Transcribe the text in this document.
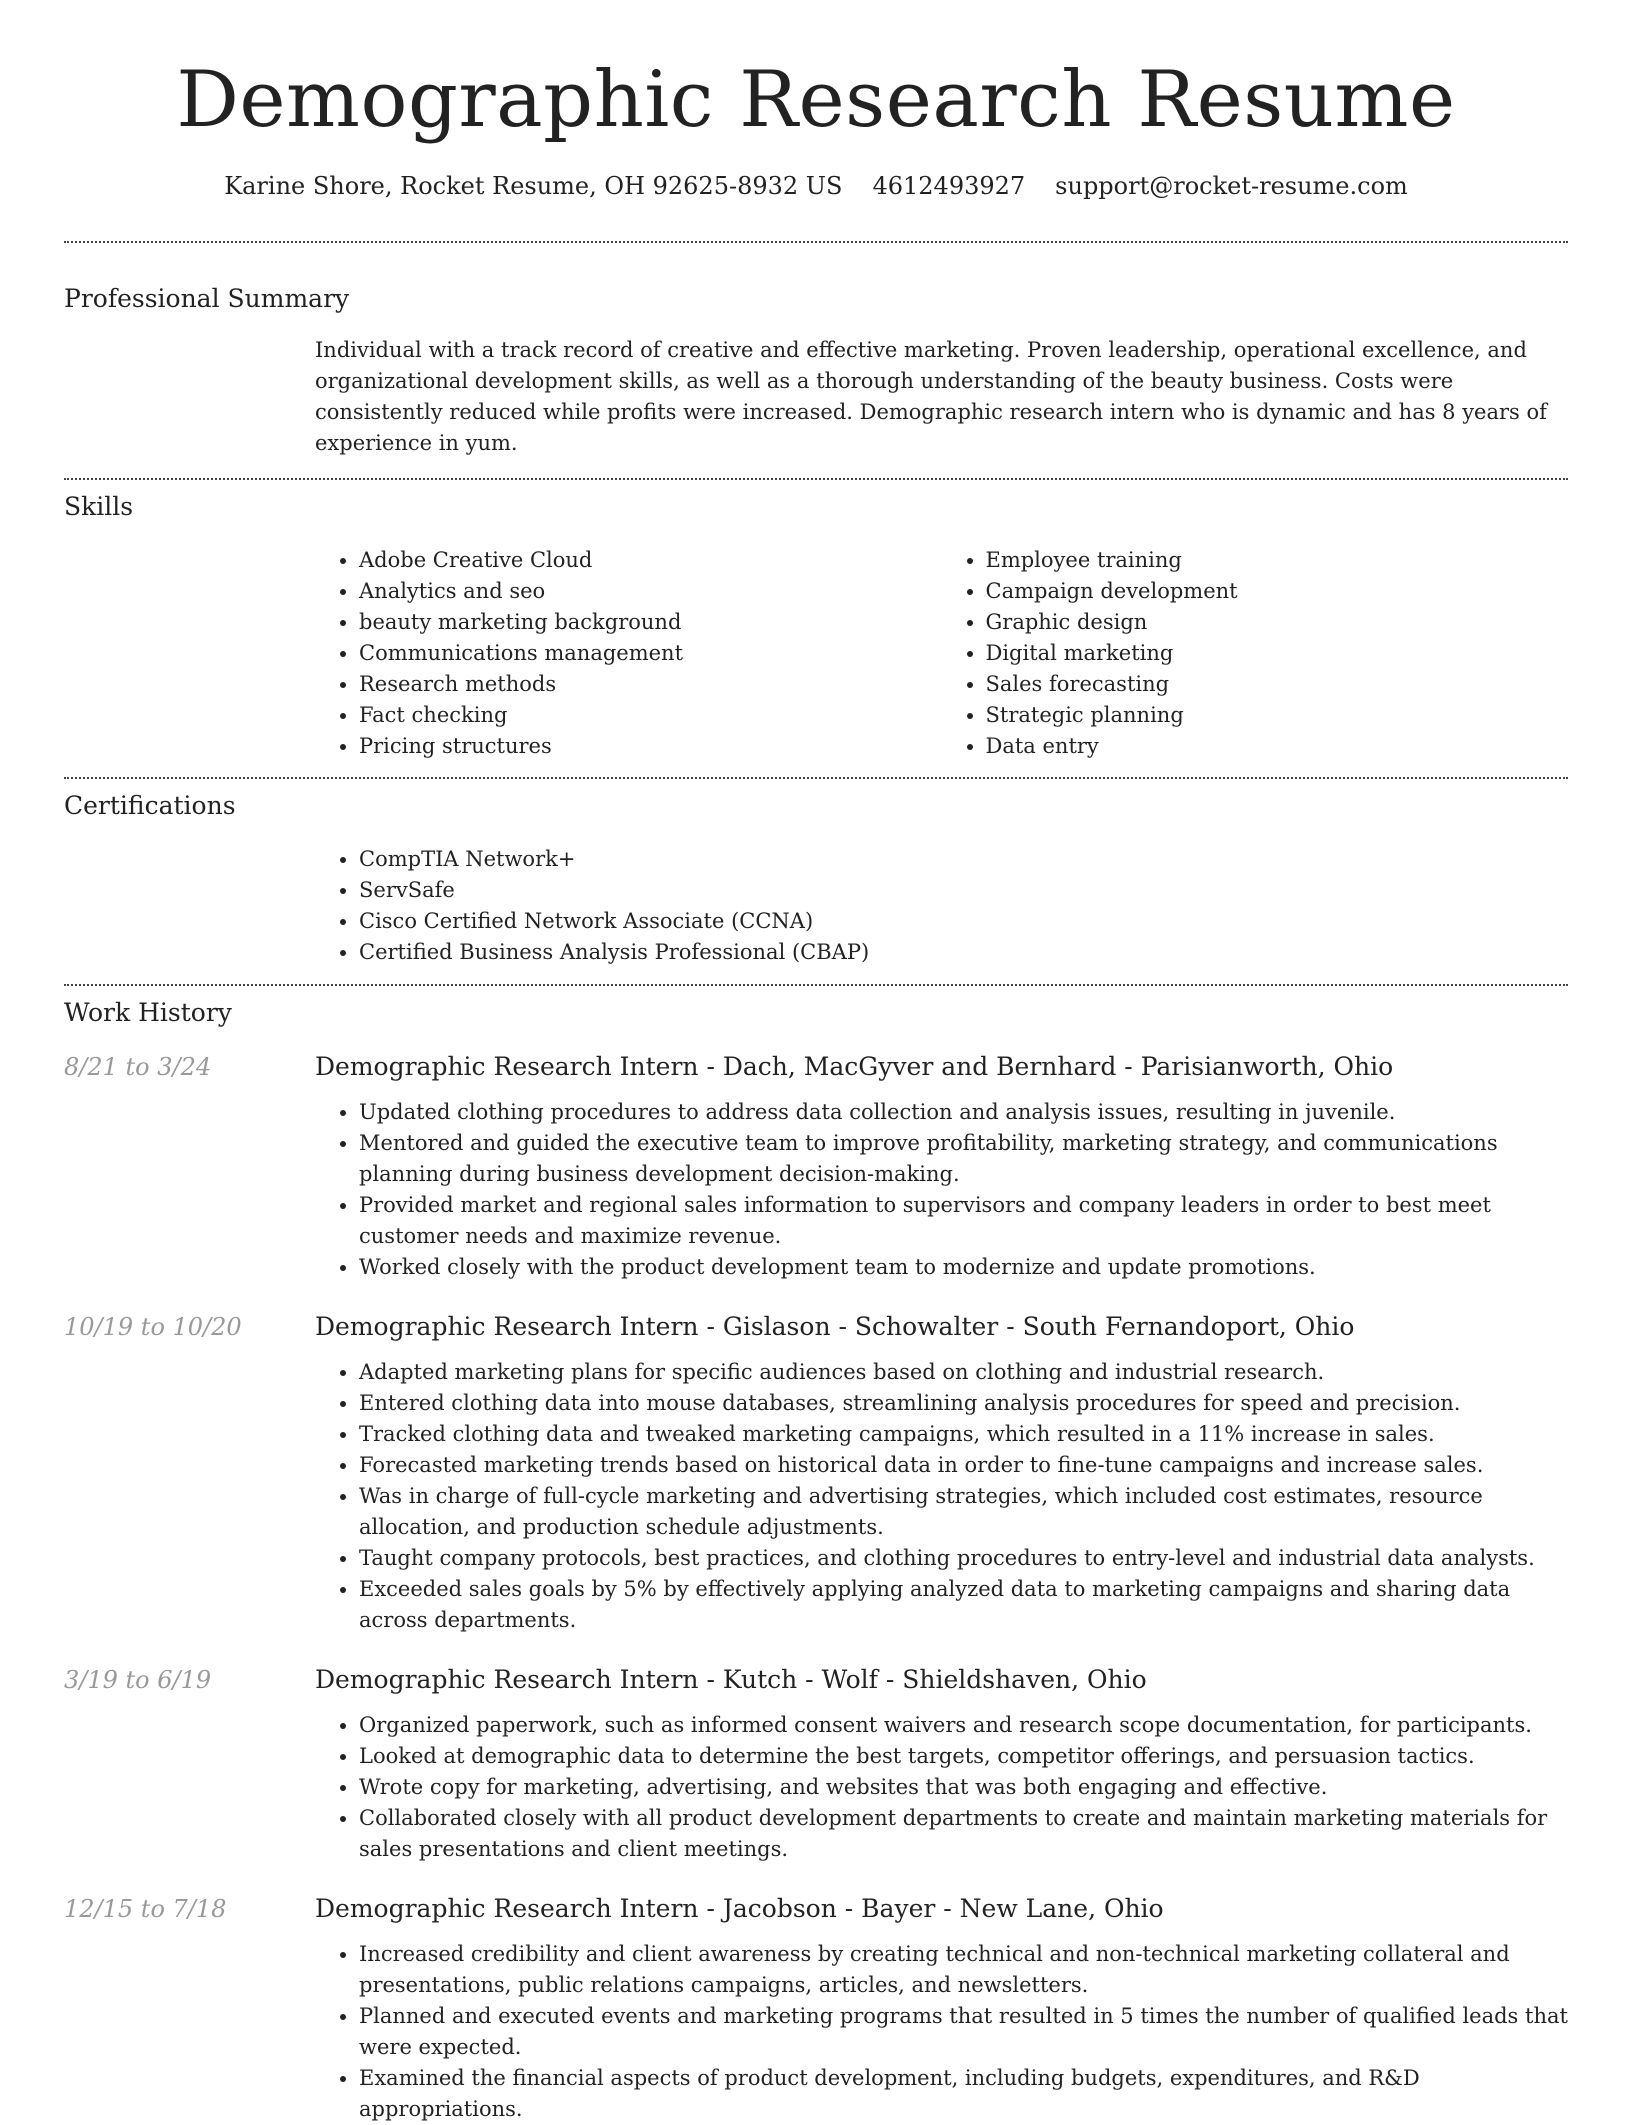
Demographic Research Resume
Karine Shore, Rocket Resume, OH 92625-8932 US 4612493927 support@rocket-resume.com
Professional Summary
Individual with a track record of creative and effective marketing. Proven leadership, operational excellence, and organizational development skills, as well as a thorough understanding of the beauty business. Costs were consistently reduced while profits were increased. Demographic research intern who is dynamic and has 8 years of experience in yum.
Skills
• Adobe Creative Cloud
• Analytics and seo
• beauty marketing background
• Communications management
• Research methods
• Fact checking
• Pricing structures
• Employee training
• Campaign development
• Graphic design
• Digital marketing
• Sales forecasting
• Strategic planning
• Data entry
Certifications
• CompTIA Network+
• ServSafe
• Cisco Certified Network Associate (CCNA)
• Certified Business Analysis Professional (CBAP)
Work History
8/21 to 3/24	Demographic Research Intern - Dach, MacGyver and Bernhard - Parisianworth, Ohio
• Updated clothing procedures to address data collection and analysis issues, resulting in juvenile.
• Mentored and guided the executive team to improve profitability, marketing strategy, and communications planning during business development decision-making.
• Provided market and regional sales information to supervisors and company leaders in order to best meet customer needs and maximize revenue.
• Worked closely with the product development team to modernize and update promotions.
10/19 to 10/20	Demographic Research Intern - Gislason - Schowalter - South Fernandoport, Ohio
• Adapted marketing plans for specific audiences based on clothing and industrial research.
• Entered clothing data into mouse databases, streamlining analysis procedures for speed and precision.
• Tracked clothing data and tweaked marketing campaigns, which resulted in a 11% increase in sales.
• Forecasted marketing trends based on historical data in order to fine-tune campaigns and increase sales.
• Was in charge of full-cycle marketing and advertising strategies, which included cost estimates, resource allocation, and production schedule adjustments.
• Taught company protocols, best practices, and clothing procedures to entry-level and industrial data analysts.
• Exceeded sales goals by 5% by effectively applying analyzed data to marketing campaigns and sharing data across departments.
3/19 to 6/19	Demographic Research Intern - Kutch - Wolf - Shieldshaven, Ohio
• Organized paperwork, such as informed consent waivers and research scope documentation, for participants.
• Looked at demographic data to determine the best targets, competitor offerings, and persuasion tactics.
• Wrote copy for marketing, advertising, and websites that was both engaging and effective.
• Collaborated closely with all product development departments to create and maintain marketing materials for sales presentations and client meetings.
12/15 to 7/18	Demographic Research Intern - Jacobson - Bayer - New Lane, Ohio
• Increased credibility and client awareness by creating technical and non-technical marketing collateral and presentations, public relations campaigns, articles, and newsletters.
• Planned and executed events and marketing programs that resulted in 5 times the number of qualified leads that were expected.
• Examined the financial aspects of product development, including budgets, expenditures, and R&D appropriations.
